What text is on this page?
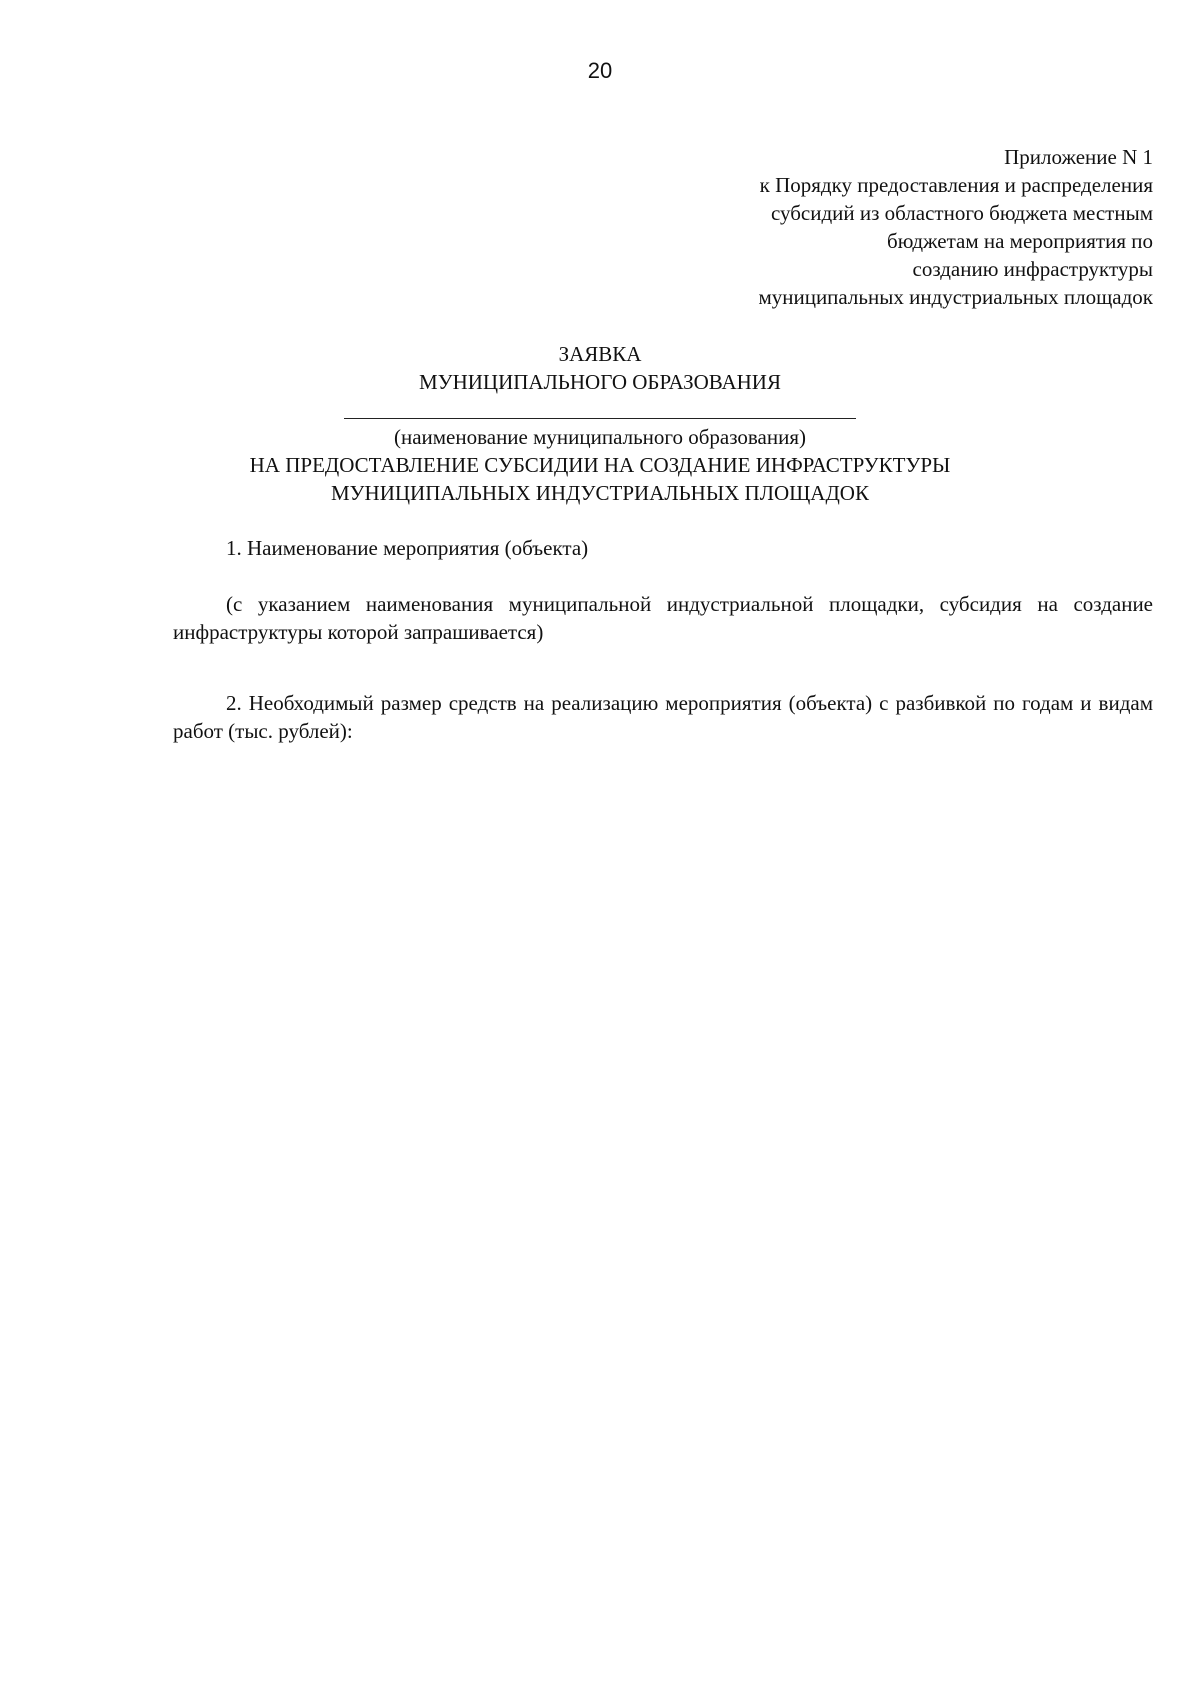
20
Приложение N 1
к Порядку предоставления и распределения
субсидий из областного бюджета местным
бюджетам на мероприятия по
созданию инфраструктуры
муниципальных индустриальных площадок
ЗАЯВКА
МУНИЦИПАЛЬНОГО ОБРАЗОВАНИЯ
(наименование муниципального образования)
НА ПРЕДОСТАВЛЕНИЕ СУБСИДИИ НА СОЗДАНИЕ ИНФРАСТРУКТУРЫ
МУНИЦИПАЛЬНЫХ ИНДУСТРИАЛЬНЫХ ПЛОЩАДОК
1. Наименование мероприятия (объекта)
(с указанием наименования муниципальной индустриальной площадки, субсидия на создание инфраструктуры которой запрашивается)
2. Необходимый размер средств на реализацию мероприятия (объекта) с разбивкой по годам и видам работ (тыс. рублей):
